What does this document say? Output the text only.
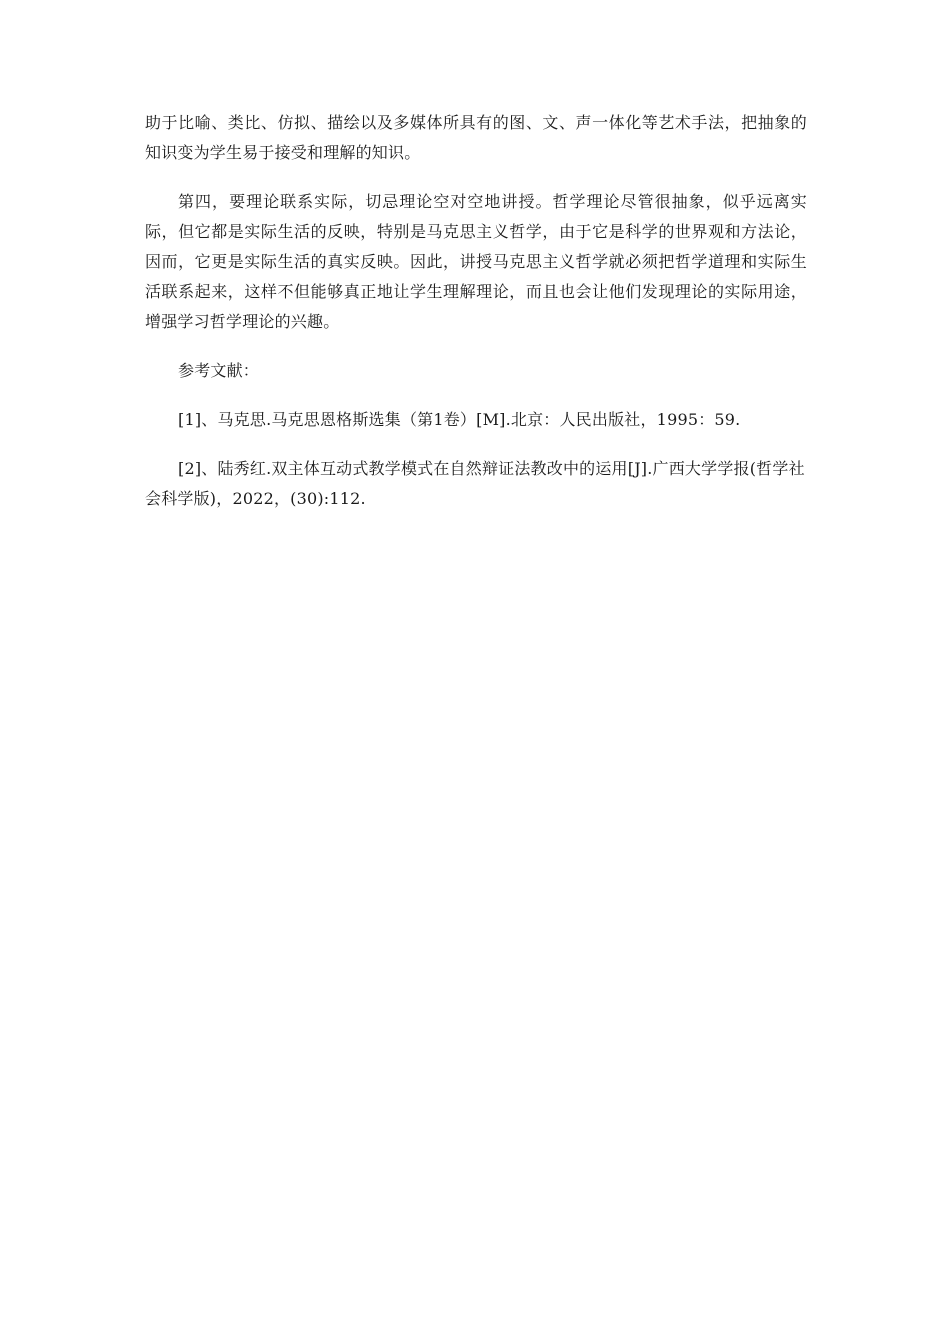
助于比喻、类比、仿拟、描绘以及多媒体所具有的图、文、声一体化等艺术手法，把抽象的知识变为学生易于接受和理解的知识。

第四，要理论联系实际，切忌理论空对空地讲授。哲学理论尽管很抽象，似乎远离实际，但它都是实际生活的反映，特别是马克思主义哲学，由于它是科学的世界观和方法论，因而，它更是实际生活的真实反映。因此，讲授马克思主义哲学就必须把哲学道理和实际生活联系起来，这样不但能够真正地让学生理解理论，而且也会让他们发现理论的实际用途，增强学习哲学理论的兴趣。

参考文献：

[1]、马克思.马克思恩格斯选集（第1卷）[M].北京：人民出版社，1995：59.

[2]、陆秀红.双主体互动式教学模式在自然辩证法教改中的运用[J].广西大学学报(哲学社会科学版)，2022，(30):112.
